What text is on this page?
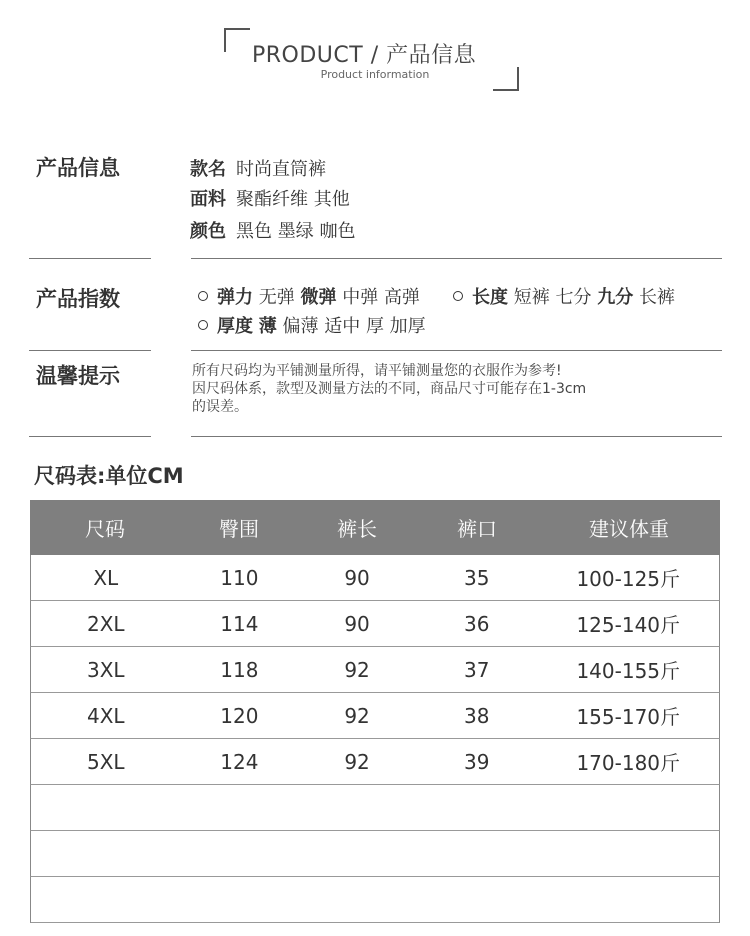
PRODUCT / 产品信息
Product information
产品信息	款名 时尚直筒裤
面料 聚酯纤维 其他
颜色 黑色 墨绿 咖色
产品指数	弹力 无弹 微弹 中弹 高弹	长度 短裤 七分 九分 长裤
厚度 薄 偏薄 适中 厚 加厚
温馨提示	所有尺码均为平铺测量所得，请平铺测量您的衣服作为参考!
因尺码体系，款型及测量方法的不同，商品尺寸可能存在1-3cm
的误差。
尺码表:单位CM
尺码	臀围	裤长	裤口	建议体重
XL	110	90	35	100-125斤
2XL	114	90	36	125-140斤
3XL	118	92	37	140-155斤
4XL	120	92	38	155-170斤
5XL	124	92	39	170-180斤
